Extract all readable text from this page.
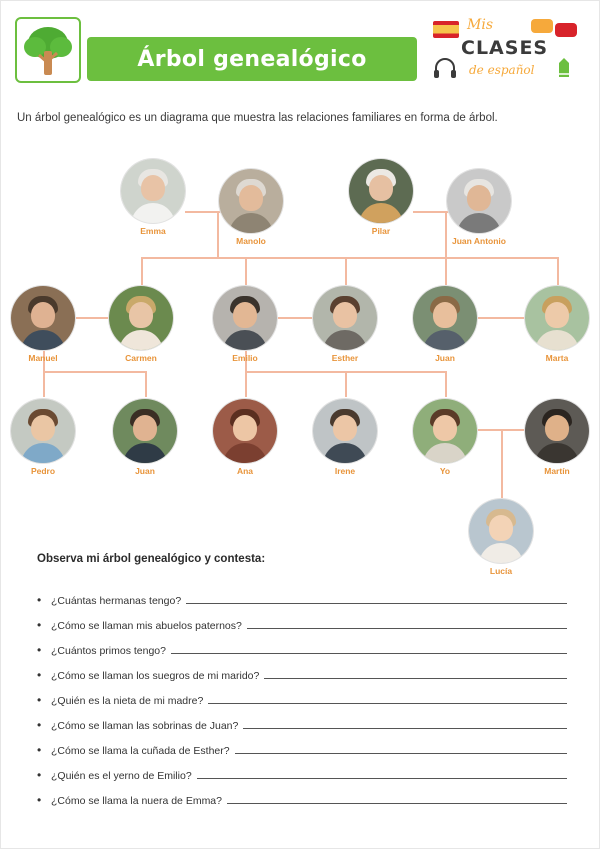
Árbol genealógico
Mis
CLASES
de español
Un árbol genealógico es un diagrama que muestra las relaciones familiares en forma de árbol.
Emma
Manolo
Pilar
Juan Antonio
Manuel	Carmen	Emilio	Esther	Juan	Marta
Pedro	Juan	Ana	Irene	Yo	Martín
Lucía
Observa mi árbol genealógico y contesta:
• ¿Cuántas hermanas tengo?
• ¿Cómo se llaman mis abuelos paternos?
• ¿Cuántos primos tengo?
• ¿Cómo se llaman los suegros de mi marido?
• ¿Quién es la nieta de mi madre?
• ¿Cómo se llaman las sobrinas de Juan?
• ¿Cómo se llama la cuñada de Esther?
• ¿Quién es el yerno de Emilio?
• ¿Cómo se llama la nuera de Emma?
